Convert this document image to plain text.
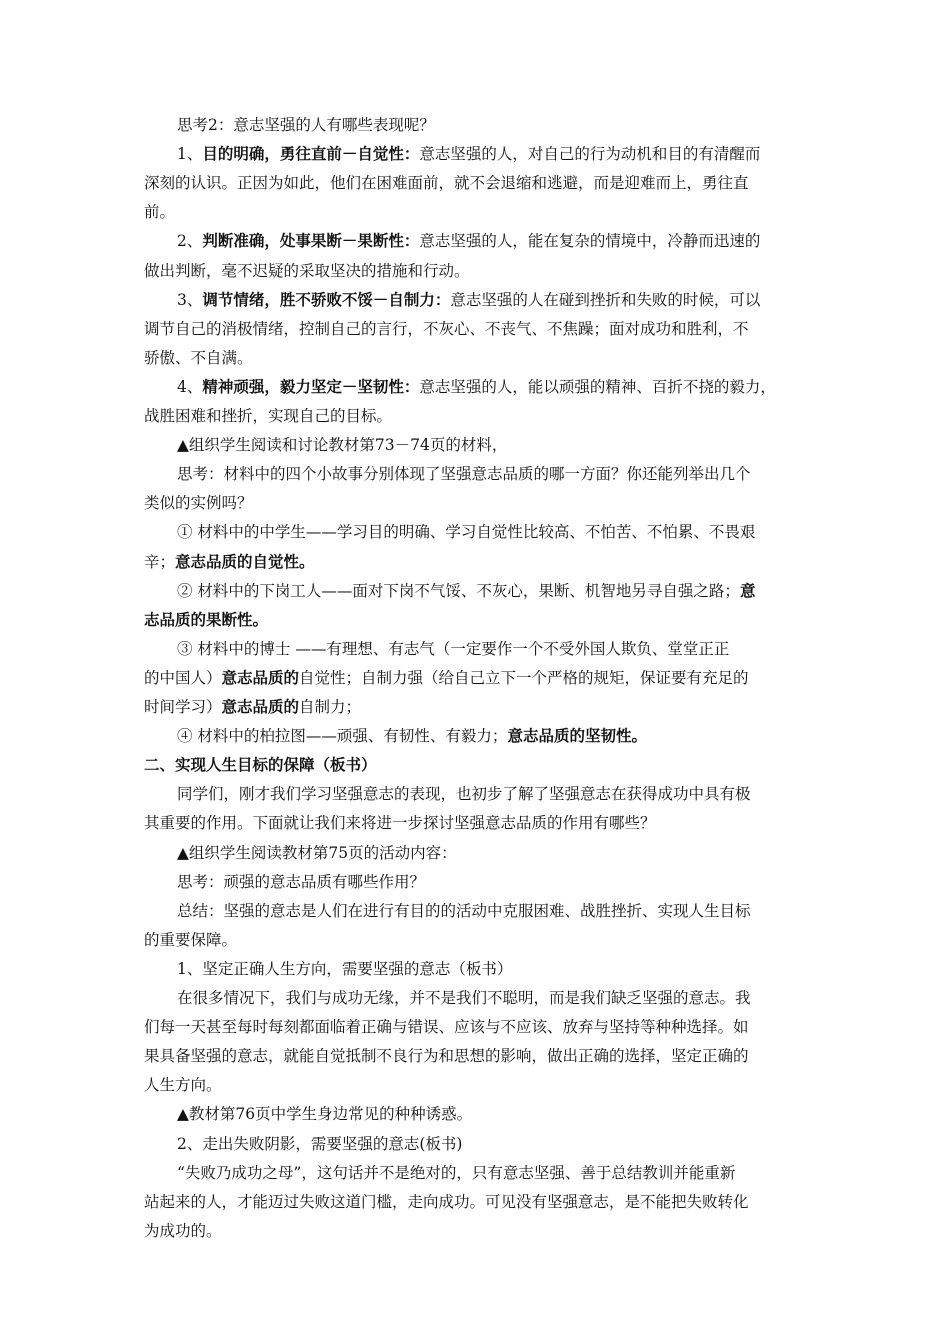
思考2：意志坚强的人有哪些表现呢？
1、目的明确，勇往直前－自觉性：意志坚强的人，对自己的行为动机和目的有清醒而
深刻的认识。正因为如此，他们在困难面前，就不会退缩和逃避，而是迎难而上，勇往直
前。
2、判断准确，处事果断－果断性：意志坚强的人，能在复杂的情境中，冷静而迅速的
做出判断，毫不迟疑的采取坚决的措施和行动。
3、调节情绪，胜不骄败不馁－自制力：意志坚强的人在碰到挫折和失败的时候，可以
调节自己的消极情绪，控制自己的言行，不灰心、不丧气、不焦躁；面对成功和胜利，不
骄傲、不自满。
4、精神顽强，毅力坚定－坚韧性：意志坚强的人，能以顽强的精神、百折不挠的毅力，
战胜困难和挫折，实现自己的目标。
▲组织学生阅读和讨论教材第73－74页的材料，
思考：材料中的四个小故事分别体现了坚强意志品质的哪一方面？你还能列举出几个
类似的实例吗？
① 材料中的中学生——学习目的明确、学习自觉性比较高、不怕苦、不怕累、不畏艰
辛；意志品质的自觉性。
② 材料中的下岗工人——面对下岗不气馁、不灰心，果断、机智地另寻自强之路；意
志品质的果断性。
③ 材料中的博士 ——有理想、有志气（一定要作一个不受外国人欺负、堂堂正正
的中国人）意志品质的自觉性；自制力强（给自己立下一个严格的规矩，保证要有充足的
时间学习）意志品质的自制力；
④ 材料中的柏拉图——顽强、有韧性、有毅力；意志品质的坚韧性。
二、实现人生目标的保障（板书）
同学们，刚才我们学习坚强意志的表现，也初步了解了坚强意志在获得成功中具有极
其重要的作用。下面就让我们来将进一步探讨坚强意志品质的作用有哪些？
▲组织学生阅读教材第75页的活动内容：
思考：顽强的意志品质有哪些作用？
总结：坚强的意志是人们在进行有目的的活动中克服困难、战胜挫折、实现人生目标
的重要保障。
1、坚定正确人生方向，需要坚强的意志（板书）
在很多情况下，我们与成功无缘，并不是我们不聪明，而是我们缺乏坚强的意志。我
们每一天甚至每时每刻都面临着正确与错误、应该与不应该、放弃与坚持等种种选择。如
果具备坚强的意志，就能自觉抵制不良行为和思想的影响，做出正确的选择，坚定正确的
人生方向。
▲教材第76页中学生身边常见的种种诱惑。
2、走出失败阴影，需要坚强的意志(板书)
“失败乃成功之母”，这句话并不是绝对的，只有意志坚强、善于总结教训并能重新
站起来的人，才能迈过失败这道门槛，走向成功。可见没有坚强意志，是不能把失败转化
为成功的。
